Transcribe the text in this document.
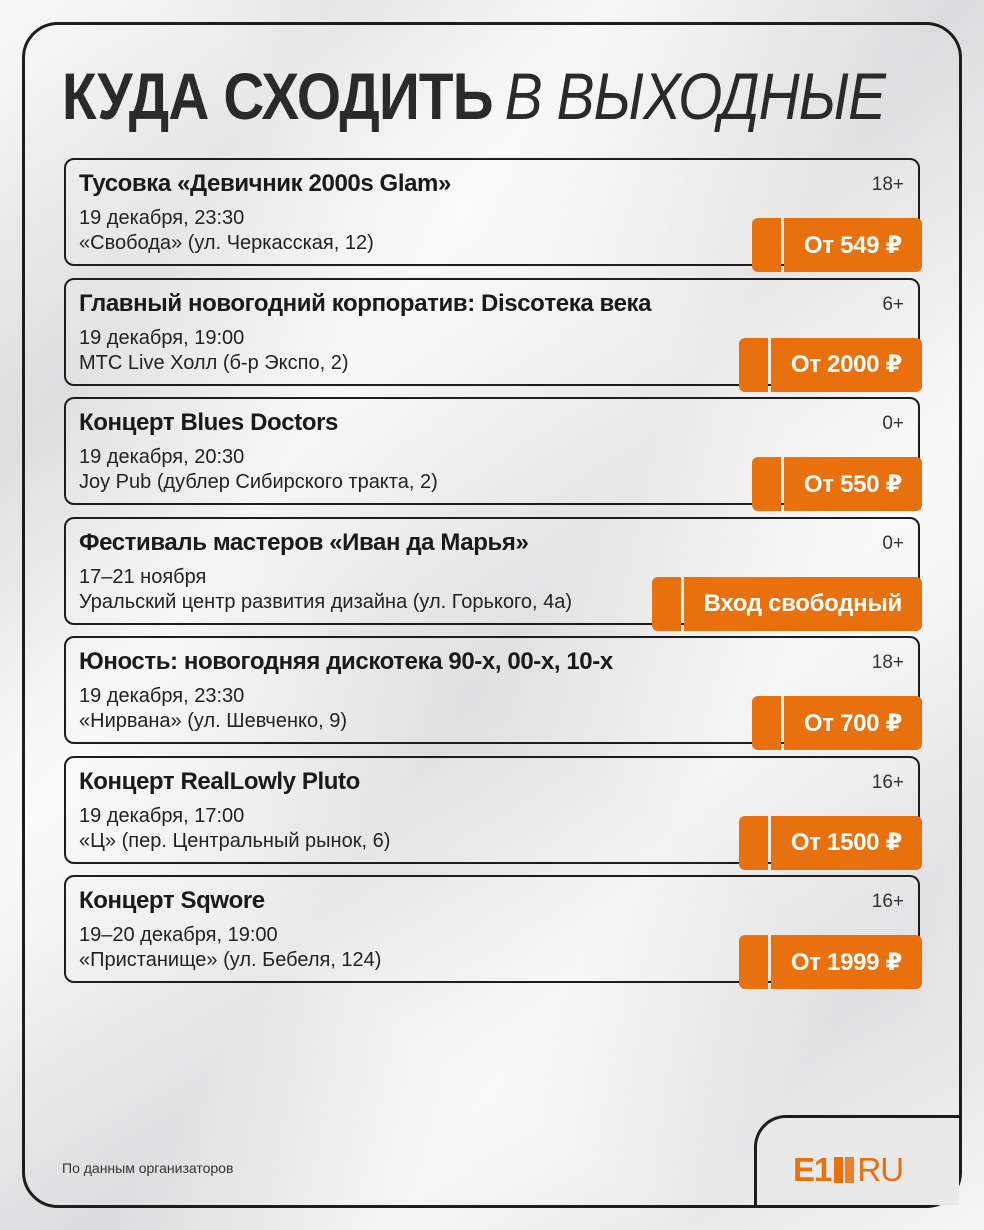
КУДА СХОДИТЬ В ВЫХОДНЫЕ
Тусовка «Девичник 2000s Glam»	18+
19 декабря, 23:30
«Свобода» (ул. Черкасская, 12)	От 549 ₽
Главный новогодний корпоратив: Discoтека века	6+
19 декабря, 19:00
МТС Live Холл (б-р Экспо, 2)	От 2000 ₽
Концерт Blues Doctors	0+
19 декабря, 20:30
Joy Pub (дублер Сибирского тракта, 2)	От 550 ₽
Фестиваль мастеров «Иван да Марья»	0+
17–21 ноября
Уральский центр развития дизайна (ул. Горького, 4а)	Вход свободный
Юность: новогодняя дискотека 90-х, 00-х, 10-х	18+
19 декабря, 23:30
«Нирвана» (ул. Шевченко, 9)	От 700 ₽
Концерт RealLowly Pluto	16+
19 декабря, 17:00
«Ц» (пер. Центральный рынок, 6)	От 1500 ₽
Концерт Sqwore	16+
19–20 декабря, 19:00
«Пристанище» (ул. Бебеля, 124)	От 1999 ₽
По данным организаторов	E1 RU
